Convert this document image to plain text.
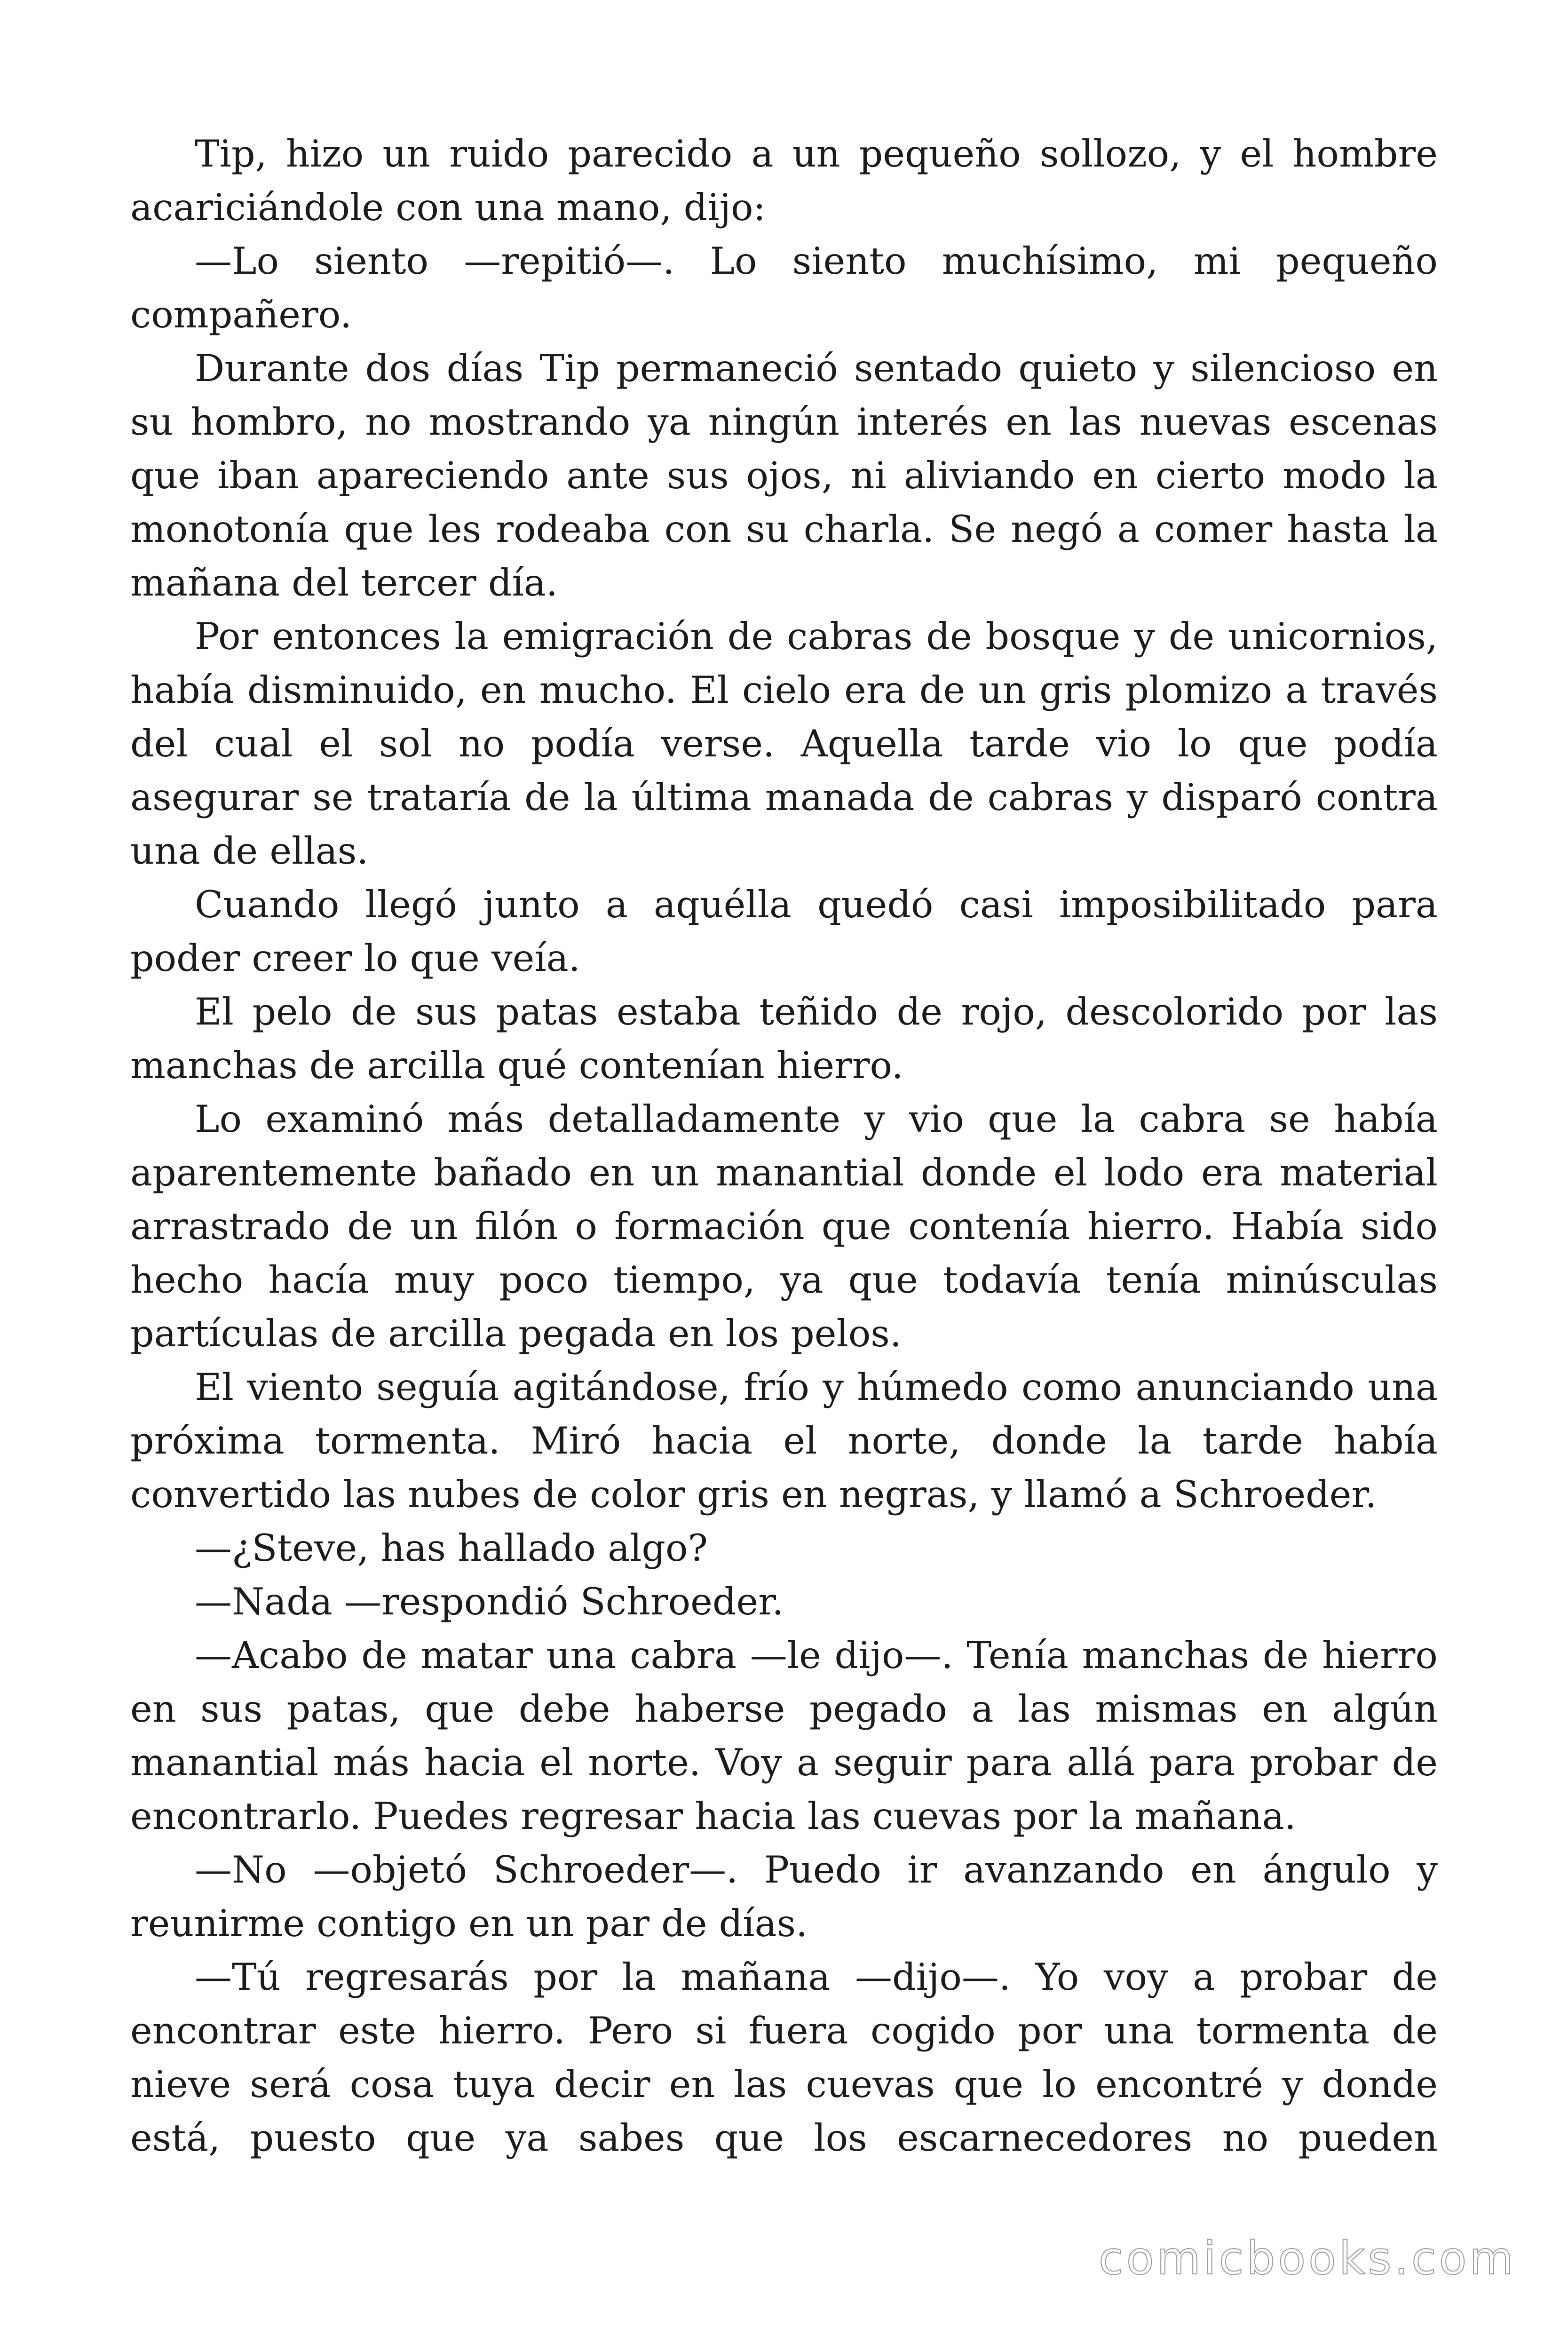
Tip, hizo un ruido parecido a un pequeño sollozo, y el hombre acariciándole con una mano, dijo:

—Lo siento —repitió—. Lo siento muchísimo, mi pequeño compañero.

Durante dos días Tip permaneció sentado quieto y silencioso en su hombro, no mostrando ya ningún interés en las nuevas escenas que iban apareciendo ante sus ojos, ni aliviando en cierto modo la monotonía que les rodeaba con su charla. Se negó a comer hasta la mañana del tercer día.

Por entonces la emigración de cabras de bosque y de unicornios, había disminuido, en mucho. El cielo era de un gris plomizo a través del cual el sol no podía verse. Aquella tarde vio lo que podía asegurar se trataría de la última manada de cabras y disparó contra una de ellas.

Cuando llegó junto a aquélla quedó casi imposibilitado para poder creer lo que veía.

El pelo de sus patas estaba teñido de rojo, descolorido por las manchas de arcilla qué contenían hierro.

Lo examinó más detalladamente y vio que la cabra se había aparentemente bañado en un manantial donde el lodo era material arrastrado de un filón o formación que contenía hierro. Había sido hecho hacía muy poco tiempo, ya que todavía tenía minúsculas partículas de arcilla pegada en los pelos.

El viento seguía agitándose, frío y húmedo como anunciando una próxima tormenta. Miró hacia el norte, donde la tarde había convertido las nubes de color gris en negras, y llamó a Schroeder.

—¿Steve, has hallado algo?

—Nada —respondió Schroeder.

—Acabo de matar una cabra —le dijo—. Tenía manchas de hierro en sus patas, que debe haberse pegado a las mismas en algún manantial más hacia el norte. Voy a seguir para allá para probar de encontrarlo. Puedes regresar hacia las cuevas por la mañana.

—No —objetó Schroeder—. Puedo ir avanzando en ángulo y reunirme contigo en un par de días.

—Tú regresarás por la mañana —dijo—. Yo voy a probar de encontrar este hierro. Pero si fuera cogido por una tormenta de nieve será cosa tuya decir en las cuevas que lo encontré y donde está, puesto que ya sabes que los escarnecedores no pueden

comicbooks.com
